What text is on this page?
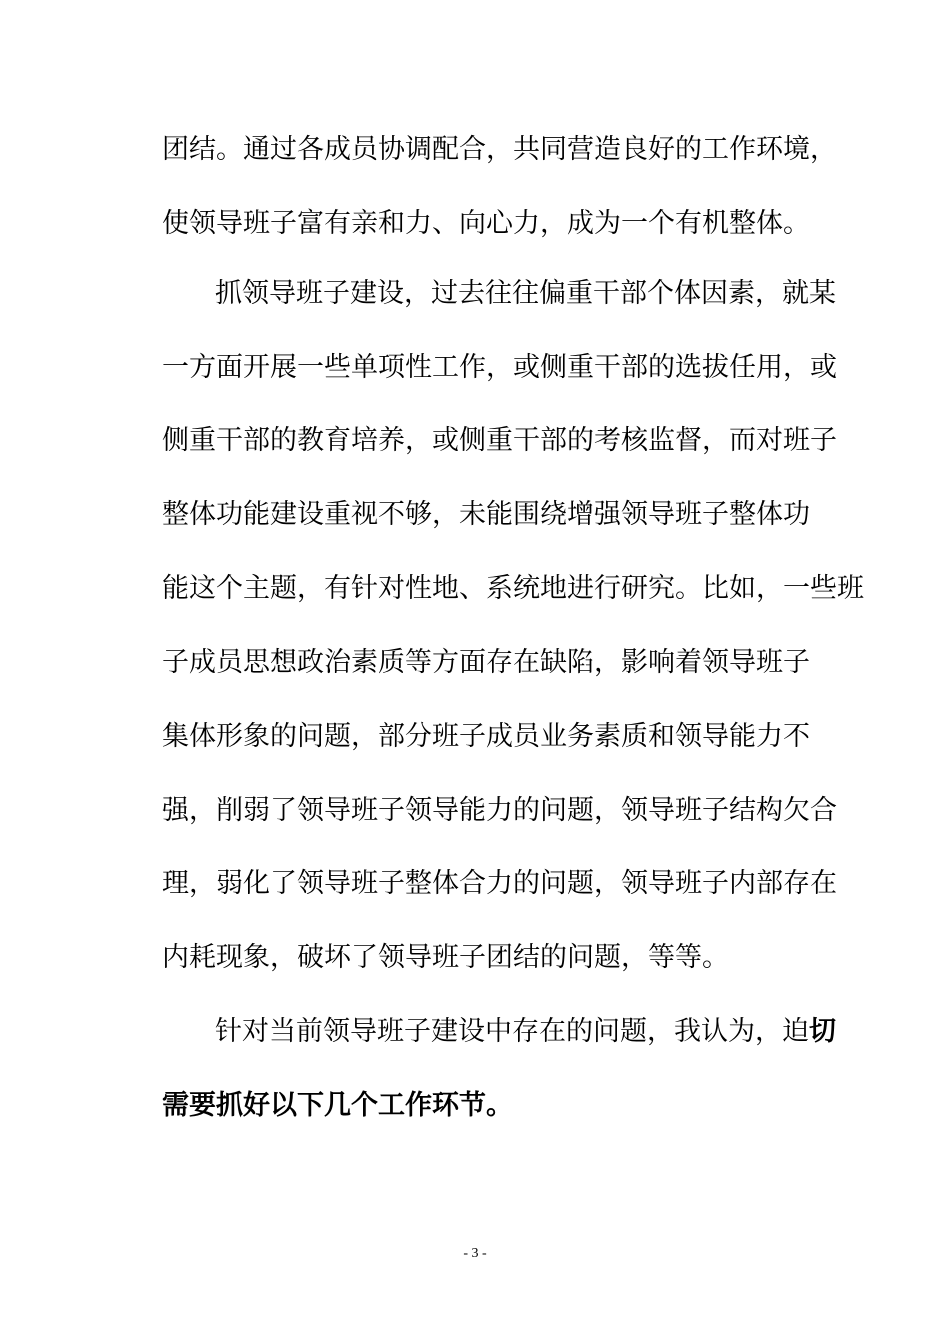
团结。通过各成员协调配合，共同营造良好的工作环境，
使领导班子富有亲和力、向心力，成为一个有机整体。
抓领导班子建设，过去往往偏重干部个体因素，就某
一方面开展一些单项性工作，或侧重干部的选拔任用，或
侧重干部的教育培养，或侧重干部的考核监督，而对班子
整体功能建设重视不够，未能围绕增强领导班子整体功
能这个主题，有针对性地、系统地进行研究。比如，一些班
子成员思想政治素质等方面存在缺陷，影响着领导班子
集体形象的问题，部分班子成员业务素质和领导能力不
强，削弱了领导班子领导能力的问题，领导班子结构欠合
理，弱化了领导班子整体合力的问题，领导班子内部存在
内耗现象，破坏了领导班子团结的问题，等等。
针对当前领导班子建设中存在的问题，我认为，迫切
需要抓好以下几个工作环节。
- 3 -
